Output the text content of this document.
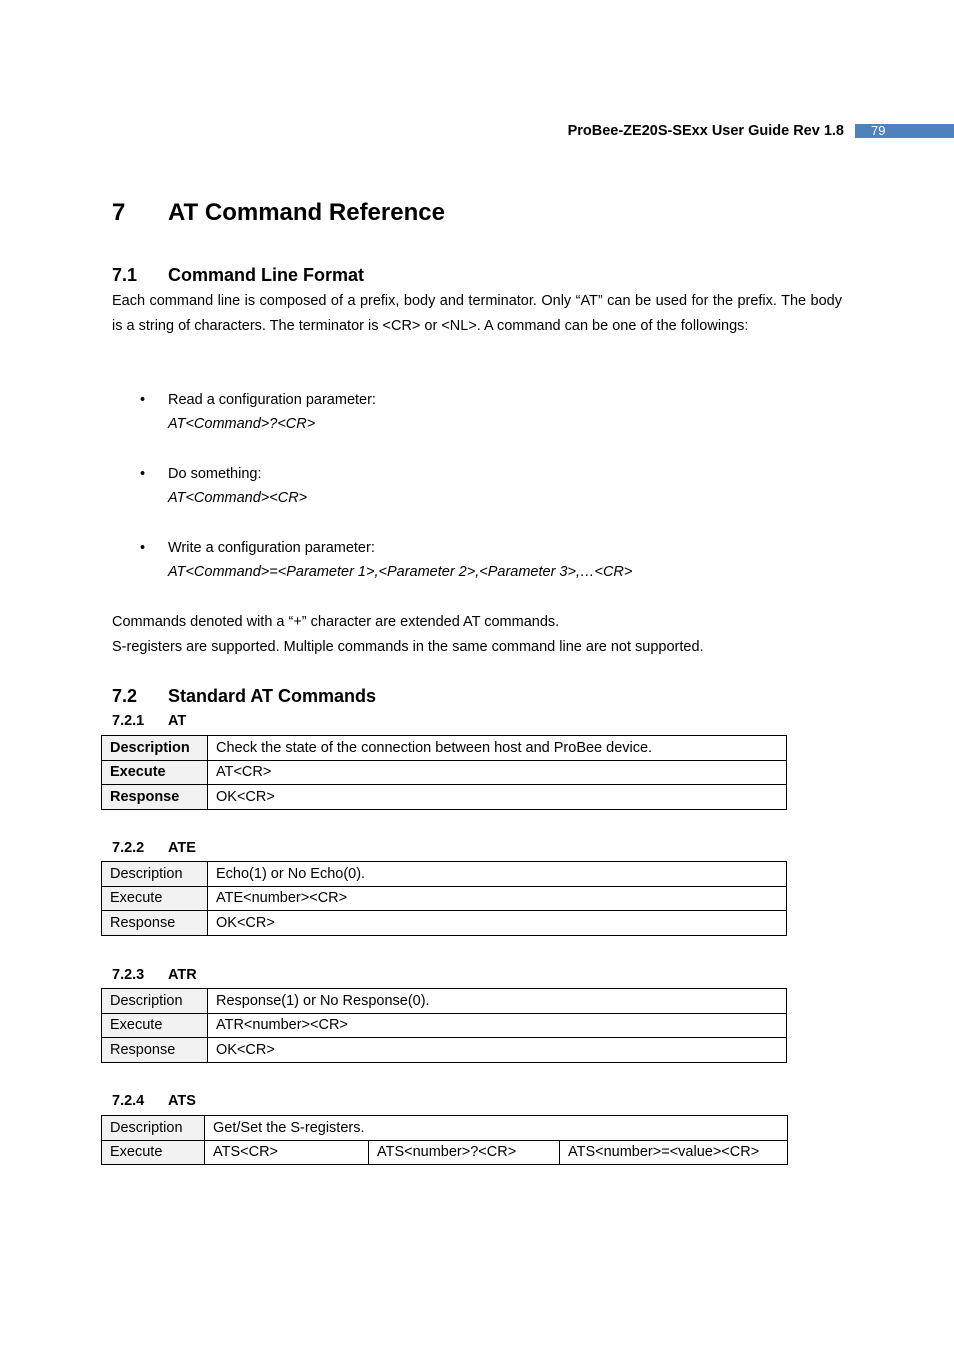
ProBee-ZE20S-SExx User Guide Rev 1.8	79
7 AT Command Reference
7.1 Command Line Format
Each command line is composed of a prefix, body and terminator. Only “AT” can be used for the prefix. The body is a string of characters. The terminator is <CR> or <NL>. A command can be one of the followings:
• Read a configuration parameter:
AT<Command>?<CR>
• Do something:
AT<Command><CR>
• Write a configuration parameter:
AT<Command>=<Parameter 1>,<Parameter 2>,<Parameter 3>,…<CR>
Commands denoted with a “+” character are extended AT commands.
S-registers are supported. Multiple commands in the same command line are not supported.
7.2 Standard AT Commands
7.2.1 AT
Description	Check the state of the connection between host and ProBee device.
Execute	AT<CR>
Response	OK<CR>
7.2.2 ATE
Description	Echo(1) or No Echo(0).
Execute	ATE<number><CR>
Response	OK<CR>
7.2.3 ATR
Description	Response(1) or No Response(0).
Execute	ATR<number><CR>
Response	OK<CR>
7.2.4 ATS
Description	Get/Set the S-registers.		
Execute	ATS<CR>	ATS<number>?<CR>	ATS<number>=<value><CR>
